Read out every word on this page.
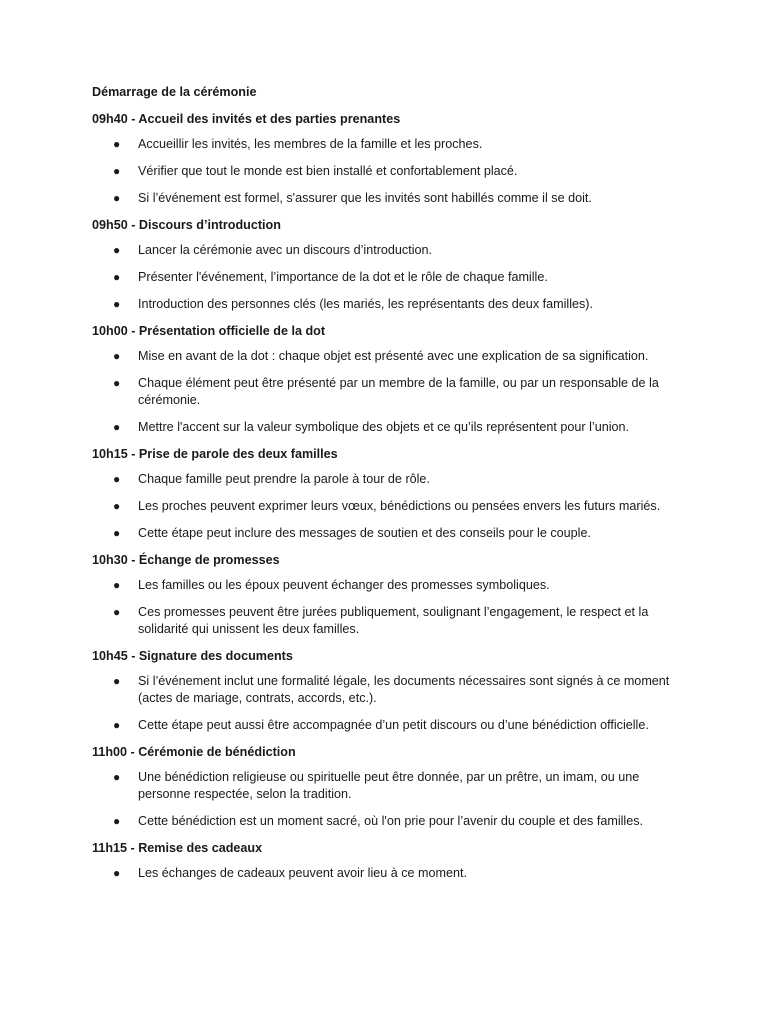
Démarrage de la cérémonie
09h40 - Accueil des invités et des parties prenantes
● Accueillir les invités, les membres de la famille et les proches.
● Vérifier que tout le monde est bien installé et confortablement placé.
● Si l’événement est formel, s'assurer que les invités sont habillés comme il se doit.
09h50 - Discours d’introduction
● Lancer la cérémonie avec un discours d’introduction.
● Présenter l'événement, l’importance de la dot et le rôle de chaque famille.
● Introduction des personnes clés (les mariés, les représentants des deux familles).
10h00 - Présentation officielle de la dot
● Mise en avant de la dot : chaque objet est présenté avec une explication de sa signification.
● Chaque élément peut être présenté par un membre de la famille, ou par un responsable de la cérémonie.
● Mettre l'accent sur la valeur symbolique des objets et ce qu’ils représentent pour l’union.
10h15 - Prise de parole des deux familles
● Chaque famille peut prendre la parole à tour de rôle.
● Les proches peuvent exprimer leurs vœux, bénédictions ou pensées envers les futurs mariés.
● Cette étape peut inclure des messages de soutien et des conseils pour le couple.
10h30 - Échange de promesses
● Les familles ou les époux peuvent échanger des promesses symboliques.
● Ces promesses peuvent être jurées publiquement, soulignant l’engagement, le respect et la solidarité qui unissent les deux familles.
10h45 - Signature des documents
● Si l’événement inclut une formalité légale, les documents nécessaires sont signés à ce moment (actes de mariage, contrats, accords, etc.).
● Cette étape peut aussi être accompagnée d’un petit discours ou d’une bénédiction officielle.
11h00 - Cérémonie de bénédiction
● Une bénédiction religieuse ou spirituelle peut être donnée, par un prêtre, un imam, ou une personne respectée, selon la tradition.
● Cette bénédiction est un moment sacré, où l'on prie pour l’avenir du couple et des familles.
11h15 - Remise des cadeaux
● Les échanges de cadeaux peuvent avoir lieu à ce moment.
